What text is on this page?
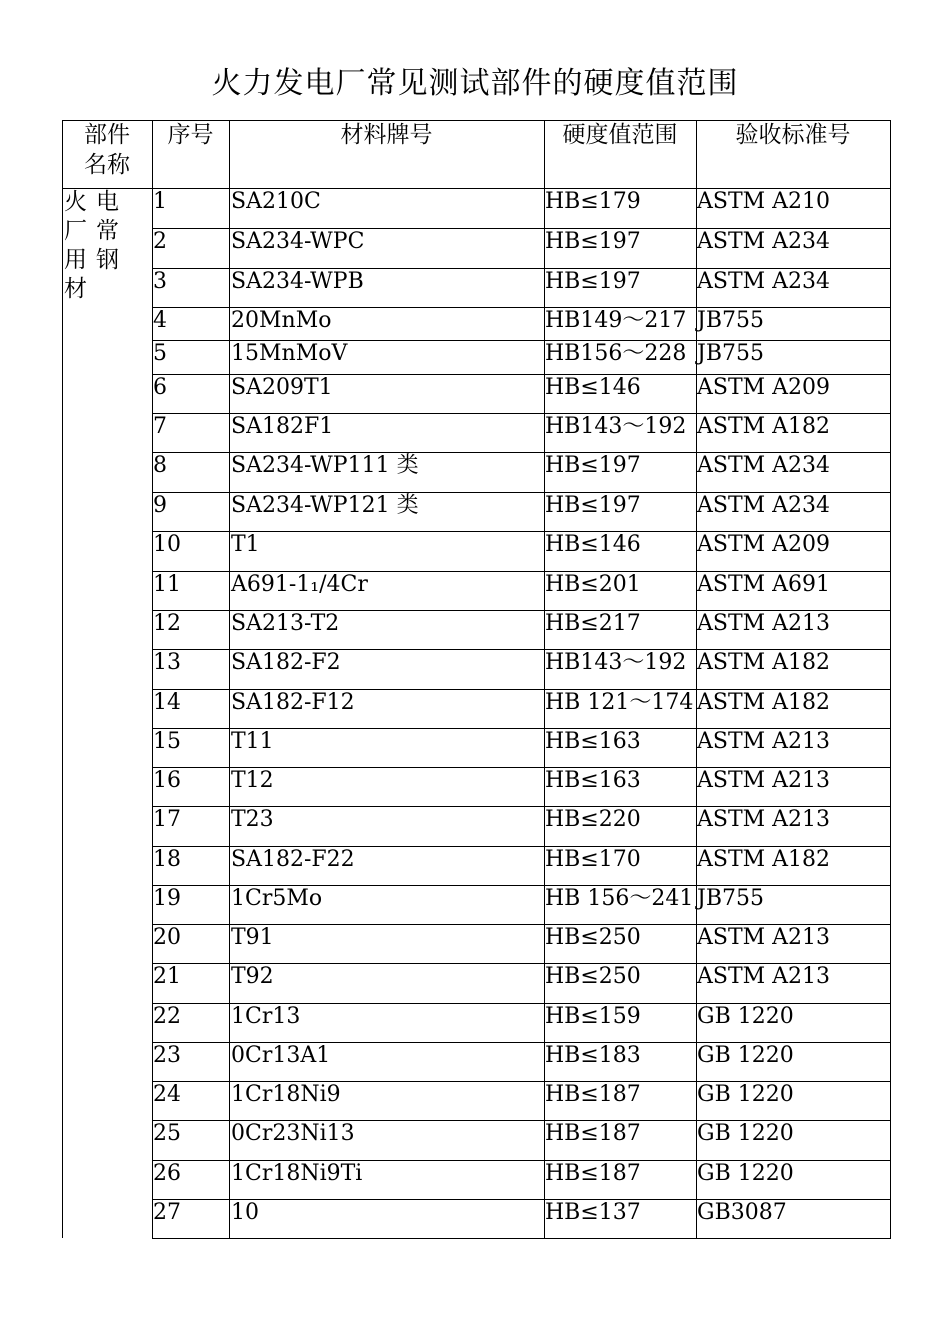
火力发电厂常见测试部件的硬度值范围
部件
名称
序号	材料牌号	硬度值范围	验收标准号
火电厂常用钢材
1	SA210C	HB≤179	ASTM A210
2	SA234-WPC	HB≤197	ASTM A234
3	SA234-WPB	HB≤197	ASTM A234
4	20MnMo	HB149～217 JB755
5	15MnMoV	HB156～228 JB755
6	SA209T1	HB≤146	ASTM A209
7	SA182F1	HB143～192 ASTM A182
8	SA234-WP111 类	HB≤197	ASTM A234
9	SA234-WP121 类	HB≤197	ASTM A234
10 T1	HB≤146	ASTM A209
11 A691-1₁/4Cr	HB≤201	ASTM A691
12 SA213-T2	HB≤217	ASTM A213
13 SA182-F2	HB143～192 ASTM A182
14 SA182-F12	HB 121～174 ASTM A182
15 T11	HB≤163	ASTM A213
16 T12	HB≤163	ASTM A213
17 T23	HB≤220	ASTM A213
18 SA182-F22	HB≤170	ASTM A182
19 1Cr5Mo	HB 156～241 JB755
20 T91	HB≤250	ASTM A213
21 T92	HB≤250	ASTM A213
22 1Cr13	HB≤159	GB 1220
23 0Cr13A1	HB≤183	GB 1220
24 1Cr18Ni9	HB≤187	GB 1220
25 0Cr23Ni13	HB≤187	GB 1220
26 1Cr18Ni9Ti	HB≤187	GB 1220
27 10	HB≤137	GB3087
